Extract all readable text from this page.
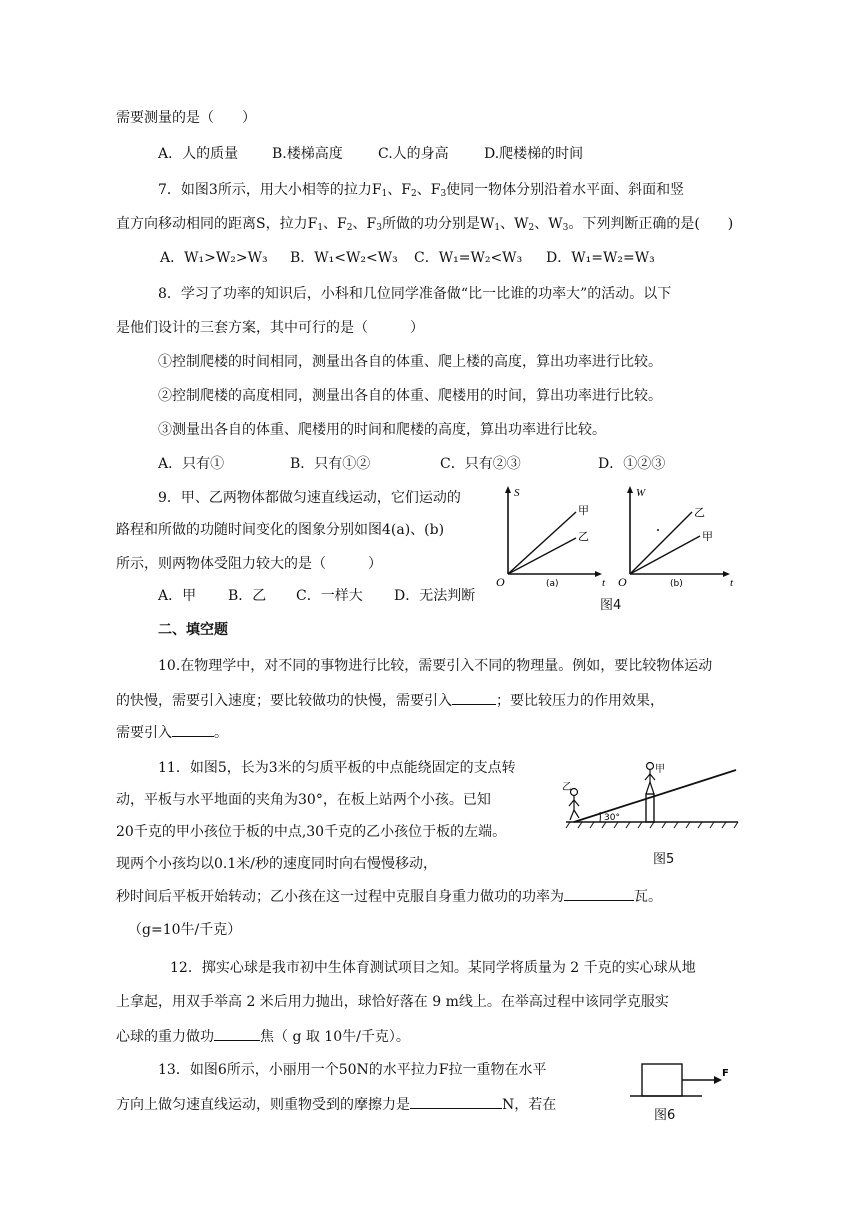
需要测量的是（　　）
A．人的质量 B.楼梯高度	C.人的身高	D.爬楼梯的时间
7．如图3所示，用大小相等的拉力$F_1$、$F_2$、$F_3$使同一物体分别沿着水平面、斜面和竖
直方向移动相同的距离S，拉力$F_1$、$F_2$、$F_3$所做的功分别是$W_1$、$W_2$、$W_3$。下列判断正确的是(　　)
A．W₁>W₂>W₃ B．W₁<W₂<W₃ C．W₁=W₂<W₃ D．W₁=W₂=W₃
8．学习了功率的知识后，小科和几位同学准备做“比一比谁的功率大”的活动。以下
是他们设计的三套方案，其中可行的是（　　　）
①控制爬楼的时间相同，测量出各自的体重、爬上楼的高度，算出功率进行比较。
②控制爬楼的高度相同，测量出各自的体重、爬楼用的时间，算出功率进行比较。
③测量出各自的体重、爬楼用的时间和爬楼的高度，算出功率进行比较。
A．只有①	B．只有①②	C．只有②③	D．①②③
9．甲、乙两物体都做匀速直线运动，它们运动的
路程和所做的功随时间变化的图象分别如图4(a)、(b)
所示，则两物体受阻力较大的是（　　　）
A．甲 B．乙 C．一样大 D．无法判断
S
t
O
甲
乙
(a)
W
t
O
乙
甲
(b)
图4
二、填空题
10.在物理学中，对不同的事物进行比较，需要引入不同的物理量。例如，要比较物体运动
的快慢，需要引入速度；要比较做功的快慢，需要引入	；要比较压力的作用效果，
需要引入	。
11．如图5，长为3米的匀质平板的中点能绕固定的支点转
动，平板与水平地面的夹角为30°，在板上站两个小孩。已知
20千克的甲小孩位于板的中点,30千克的乙小孩位于板的左端。
现两个小孩均以0.1米/秒的速度同时向右慢慢移动，
秒时间后平板开始转动；乙小孩在这一过程中克服自身重力做功的功率为	瓦。
（g=10牛/千克）
30°
乙
甲
图5
12．掷实心球是我市初中生体育测试项目之知。某同学将质量为 2 千克的实心球从地
上拿起，用双手举高 2 米后用力抛出，球恰好落在 9 m线上。在举高过程中该同学克服实
心球的重力做功	焦（ g 取 10牛/千克）。
13．如图6所示，小丽用一个50N的水平拉力F拉一重物在水平
方向上做匀速直线运动，则重物受到的摩擦力是	N，若在
F
图6
